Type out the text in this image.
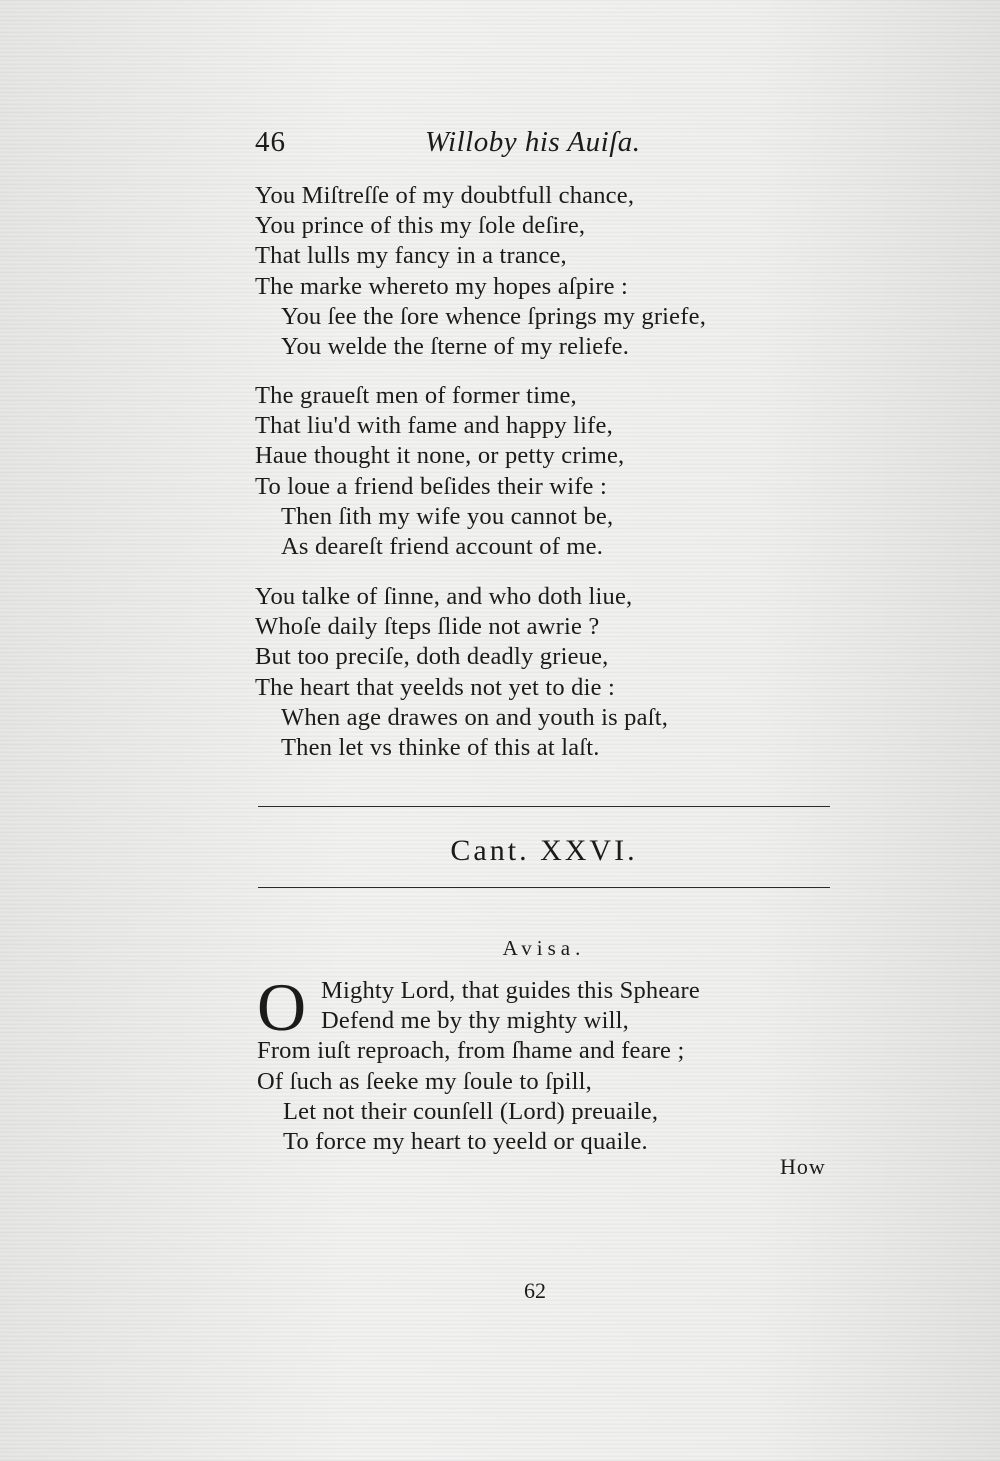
46	Willoby his Auiſa.
You Miſtreſſe of my doubtfull chance,
You prince of this my ſole deſire,
That lulls my fancy in a trance,
The marke whereto my hopes aſpire :
You ſee the ſore whence ſprings my griefe,
You welde the ſterne of my reliefe.
The graueſt men of former time,
That liu'd with fame and happy life,
Haue thought it none, or petty crime,
To loue a friend beſides their wife :
Then ſith my wife you cannot be,
As deareſt friend account of me.
You talke of ſinne, and who doth liue,
Whoſe daily ſteps ſlide not awrie ?
But too preciſe, doth deadly grieue,
The heart that yeelds not yet to die :
When age drawes on and youth is paſt,
Then let vs thinke of this at laſt.
Cant. XXVI.
Avisa.
O Mighty Lord, that guides this Spheare
Defend me by thy mighty will,
From iuſt reproach, from ſhame and feare ;
Of ſuch as ſeeke my ſoule to ſpill,
Let not their counſell (Lord) preuaile,
To force my heart to yeeld or quaile.
How
62
